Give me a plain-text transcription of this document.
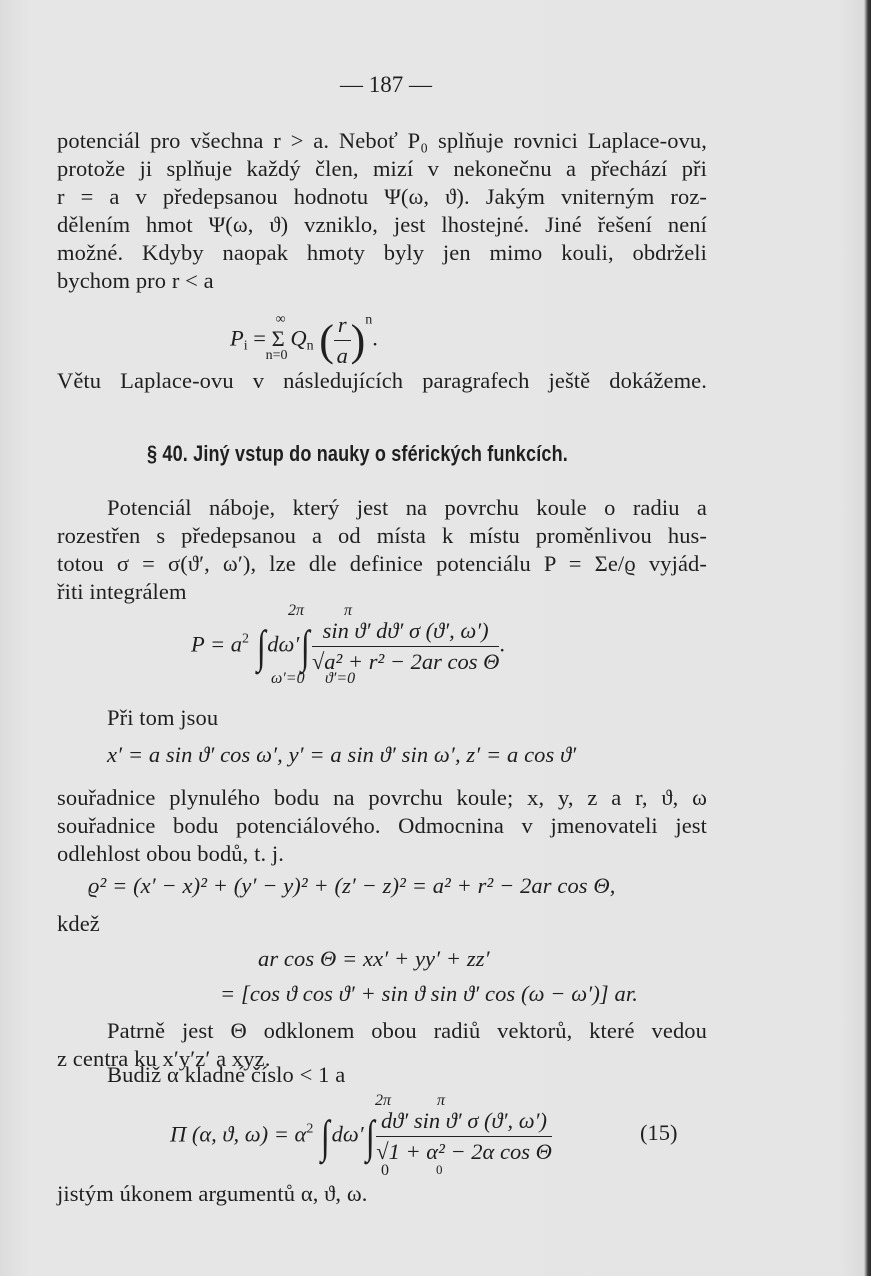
— 187 —
potenciál pro všechna r > a. Neboť P₀ splňuje rovnici Laplace-ovu,
protože ji splňuje každý člen, mizí v nekonečnu a přechází při
r = a v předepsanou hodnotu Ψ(ω, ϑ). Jakým vniterným roz-
dělením hmot Ψ(ω, ϑ) vzniklo, jest lhostejné. Jiné řešení není
možné. Kdyby naopak hmoty byly jen mimo kouli, obdrželi
bychom pro r < a
$P_i$ =
∞
Σ
n=0
$Q_n$ ( $\frac{r}{a} )^n$.
Větu Laplace-ovu v následujících paragrafech ještě dokážeme.
§ 40. Jiný vstup do nauky o sférických funkcích.
Potenciál náboje, který jest na povrchu koule o radiu a
rozestřen s předepsanou a od místa k místu proměnlivou hus-
totou σ = σ(ϑ′, ω′), lze dle definice potenciálu P = Σe/ϱ vyjád-
řiti integrálem
2π π
ω′=0 ϑ′=0
$P = a^2$ $\int d\omega'\int \frac{\text{sin ϑ′ dϑ′ σ (ϑ′, ω′)}}{\text{√a² + r² − 2ar cos Θ}}$ .
Při tom jsou
x′ = a sin ϑ′ cos ω′, y′ = a sin ϑ′ sin ω′, z′ = a cos ϑ′
souřadnice plynulého bodu na povrchu koule; x, y, z a r, ϑ, ω
souřadnice bodu potenciálového. Odmocnina v jmenovateli jest
odlehlost obou bodů, t. j.
ϱ² = (x′ − x)² + (y′ − y)² + (z′ − z)² = a² + r² − 2ar cos Θ,
kdež
ar cos Θ = xx′ + yy′ + zz′
= [cos ϑ cos ϑ′ + sin ϑ sin ϑ′ cos (ω − ω′)] ar.
Patrně jest Θ odklonem obou radiů vektorů, které vedou
z centra ku x′y′z′ a xyz.
Budiž α kladné číslo < 1 a
2π	π
0	0
Π (α, ϑ, $\omega) = \alpha^2$ $\int d\omega'\int \frac{\text{dϑ′ sin ϑ′ σ (ϑ′, ω′)}}{\text{√1 + α² − 2α cos Θ}}$	(15)
jistým úkonem argumentů α, ϑ, ω.
